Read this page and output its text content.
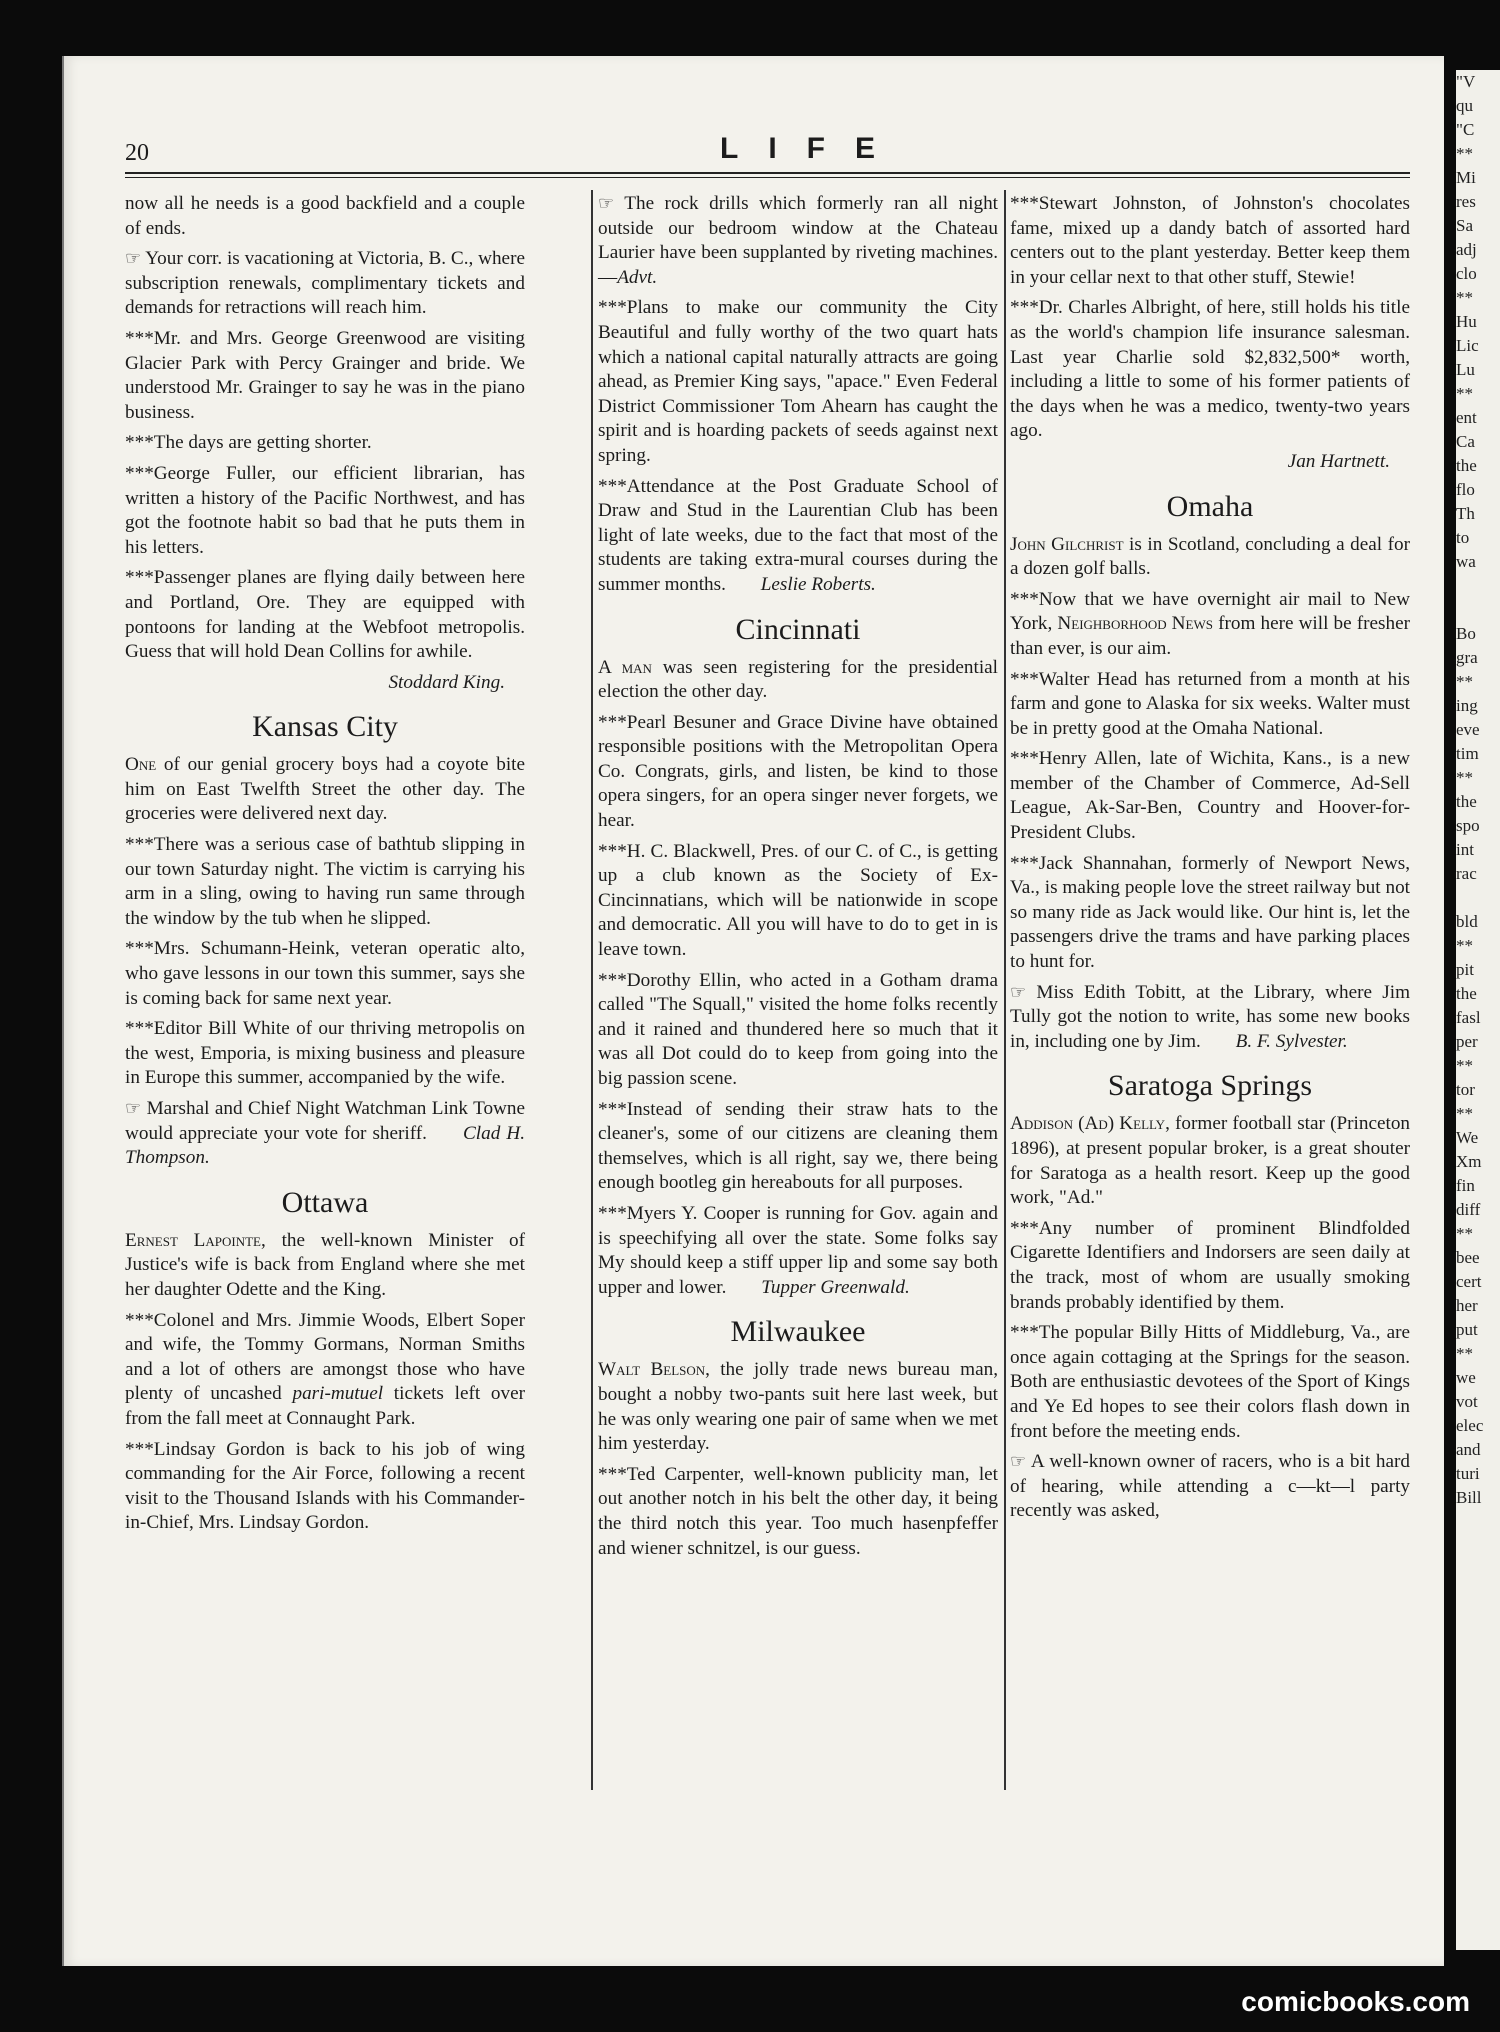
20	LIFE

now all he needs is a good backfield and a couple of ends.

☞ Your corr. is vacationing at Victoria, B. C., where subscription renewals, complimentary tickets and demands for retractions will reach him.

***Mr. and Mrs. George Greenwood are visiting Glacier Park with Percy Grainger and bride. We understood Mr. Grainger to say he was in the piano business.

***The days are getting shorter.

***George Fuller, our efficient librarian, has written a history of the Pacific Northwest, and has got the footnote habit so bad that he puts them in his letters.

***Passenger planes are flying daily between here and Portland, Ore. They are equipped with pontoons for landing at the Webfoot metropolis. Guess that will hold Dean Collins for awhile.

Stoddard King.
Kansas City

One of our genial grocery boys had a coyote bite him on East Twelfth Street the other day. The groceries were delivered next day.

***There was a serious case of bathtub slipping in our town Saturday night. The victim is carrying his arm in a sling, owing to having run same through the window by the tub when he slipped.

***Mrs. Schumann-Heink, veteran operatic alto, who gave lessons in our town this summer, says she is coming back for same next year.

***Editor Bill White of our thriving metropolis on the west, Emporia, is mixing business and pleasure in Europe this summer, accompanied by the wife.

☞ Marshal and Chief Night Watchman Link Towne would appreciate your vote for sheriff. Clad H. Thompson.

Ottawa

Ernest Lapointe, the well-known Minister of Justice's wife is back from England where she met her daughter Odette and the King.

***Colonel and Mrs. Jimmie Woods, Elbert Soper and wife, the Tommy Gormans, Norman Smiths and a lot of others are amongst those who have plenty of uncashed pari-mutuel tickets left over from the fall meet at Connaught Park.

***Lindsay Gordon is back to his job of wing commanding for the Air Force, following a recent visit to the Thousand Islands with his Commander-in-Chief, Mrs. Lindsay Gordon.

☞ The rock drills which formerly ran all night outside our bedroom window at the Chateau Laurier have been supplanted by riveting machines.—Advt.

***Plans to make our community the City Beautiful and fully worthy of the two quart hats which a national capital naturally attracts are going ahead, as Premier King says, "apace." Even Federal District Commissioner Tom Ahearn has caught the spirit and is hoarding packets of seeds against next spring.

***Attendance at the Post Graduate School of Draw and Stud in the Laurentian Club has been light of late weeks, due to the fact that most of the students are taking extra-mural courses during the summer months. Leslie Roberts.

Cincinnati

A man was seen registering for the presidential election the other day.

***Pearl Besuner and Grace Divine have obtained responsible positions with the Metropolitan Opera Co. Congrats, girls, and listen, be kind to those opera singers, for an opera singer never forgets, we hear.

***H. C. Blackwell, Pres. of our C. of C., is getting up a club known as the Society of Ex-Cincinnatians, which will be nationwide in scope and democratic. All you will have to do to get in is leave town.

***Dorothy Ellin, who acted in a Gotham drama called "The Squall," visited the home folks recently and it rained and thundered here so much that it was all Dot could do to keep from going into the big passion scene.

***Instead of sending their straw hats to the cleaner's, some of our citizens are cleaning them themselves, which is all right, say we, there being enough bootleg gin hereabouts for all purposes.

***Myers Y. Cooper is running for Gov. again and is speechifying all over the state. Some folks say My should keep a stiff upper lip and some say both upper and lower. Tupper Greenwald.

Milwaukee

Walt Belson, the jolly trade news bureau man, bought a nobby two-pants suit here last week, but he was only wearing one pair of same when we met him yesterday.

***Ted Carpenter, well-known publicity man, let out another notch in his belt the other day, it being the third notch this year. Too much hasenpfeffer and wiener schnitzel, is our guess.

***Stewart Johnston, of Johnston's chocolates fame, mixed up a dandy batch of assorted hard centers out to the plant yesterday. Better keep them in your cellar next to that other stuff, Stewie!

***Dr. Charles Albright, of here, still holds his title as the world's champion life insurance salesman. Last year Charlie sold $2,832,500* worth, including a little to some of his former patients of the days when he was a medico, twenty-two years ago.

Jan Hartnett.
Omaha

John Gilchrist is in Scotland, concluding a deal for a dozen golf balls.

***Now that we have overnight air mail to New York, Neighborhood News from here will be fresher than ever, is our aim.

***Walter Head has returned from a month at his farm and gone to Alaska for six weeks. Walter must be in pretty good at the Omaha National.

***Henry Allen, late of Wichita, Kans., is a new member of the Chamber of Commerce, Ad-Sell League, Ak-Sar-Ben, Country and Hoover-for-President Clubs.

***Jack Shannahan, formerly of Newport News, Va., is making people love the street railway but not so many ride as Jack would like. Our hint is, let the passengers drive the trams and have parking places to hunt for.

☞ Miss Edith Tobitt, at the Library, where Jim Tully got the notion to write, has some new books in, including one by Jim. B. F. Sylvester.

Saratoga Springs

Addison (Ad) Kelly, former football star (Princeton 1896), at present popular broker, is a great shouter for Saratoga as a health resort. Keep up the good work, "Ad."

***Any number of prominent Blindfolded Cigarette Identifiers and Indorsers are seen daily at the track, most of whom are usually smoking brands probably identified by them.

***The popular Billy Hitts of Middleburg, Va., are once again cottaging at the Springs for the season. Both are enthusiastic devotees of the Sport of Kings and Ye Ed hopes to see their colors flash down in front before the meeting ends.

☞ A well-known owner of racers, who is a bit hard of hearing, while attending a c—kt—l party recently was asked,

"V
qu
"C
**
Mi
res
Sa
adj
clo
**
Hu
Lic
Lu
**
ent
Ca
the
flo
Th
to
wa
Bo
gra
**
ing
eve
tim
**
the
spo
int
rac
bld
**
pit
the
fasl
per
**
tor
**
We
Xm
fin
diff
**
bee
cert
her
put
**
we
vot
elec
and
turi
Bill
comicbooks.com
